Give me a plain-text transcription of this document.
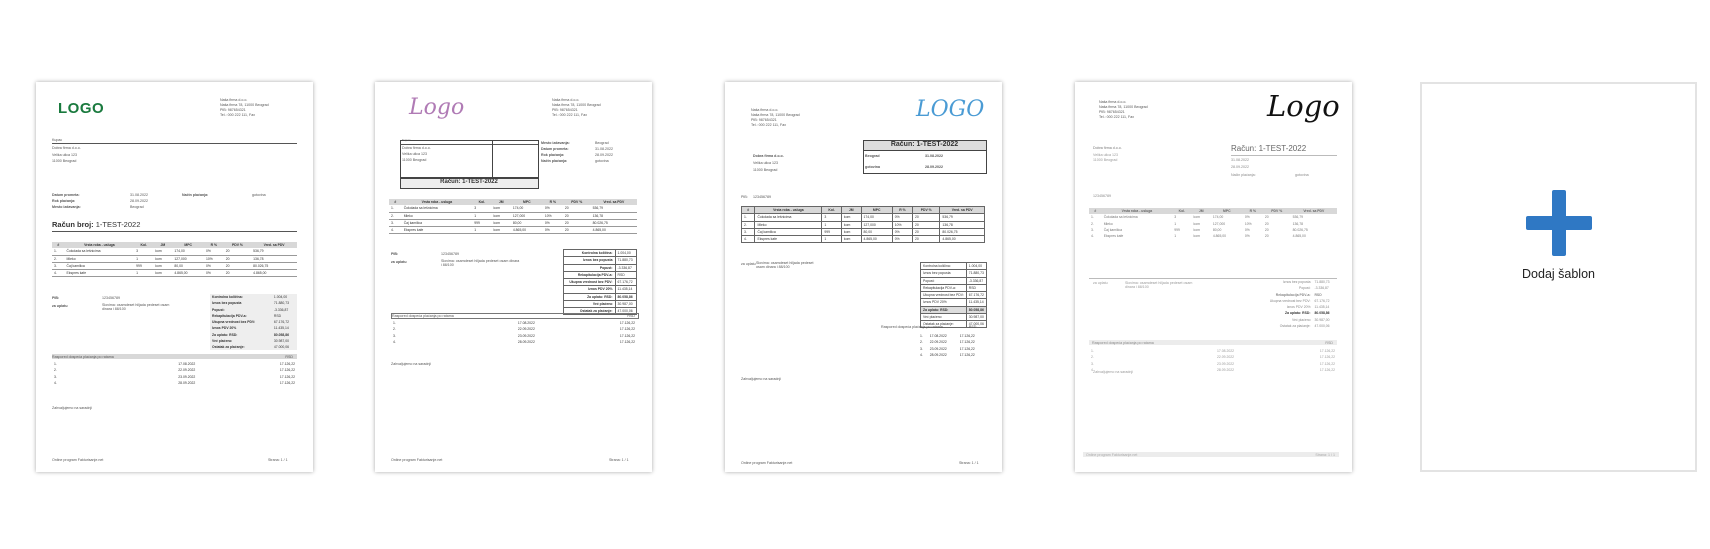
LOGO	Naša firma d.o.o.
Naša firma 78, 11000 Beograd
PIB: 987654321
Tel.: 000 222 111, Fax
Kupac
Dobra firma d.o.o.
Velika ulica 123
11000 Beograd
Datum prometa:	31.08.2022	Način plaćanja:	gotovina
Rok plaćanja:	28.09.2022
Mesto izdavanja:	Beograd
Račun broj: 1-TEST-2022
#	Vrsta roba - usluga	Kol.	JM	MPC	R %	PDV %	Vred. sa PDV
1.	Čokolada sa lešnicima	3	kom	174,00	0%	20	536,79
2.	Mleko	1	kom	127,000	10%	20	136,78
3.	Čaj kamilica	999	kom	80,00	0%	20	80.026,75
4.	Ekspres kafe	1	kom	4.865,00	0%	20	4.865,00
PIB:	123456789
za uplatu	Slovima: osamdeset hiljada pedeset osam dinara i 88/100
Kontrolna količina:	1.004,00
Iznos bez popusta	71.880,73
Popust:	-3.336,87
Rekapitulacija PDV-a:	RSD
Ukupna vrednost bez PDV:	67.176,72
Iznos PDV 20%	11.435,14
Za uplatu: RSD:	80.058,86
Već plaćeno	30.987,00
Ostatak za plaćanje:	47.000,06
Raspored dospeća plaćanja po ratama	RSD
1.	17.08.2022	17.126,22
2.	22.09.2022	17.126,22
3.	23.09.2022	17.126,22
4.	28.09.2022	17.126,22
Zahvaljujemo na saradnji
Online program Fakturisanje.net	Strana: 1 / 1
Logo	Naša firma d.o.o.
Naša firma 78, 11000 Beograd
PIB: 987654321
Tel.: 000 222 111, Fax
Kupac
Dobra firma d.o.o.
Velika ulica 123
11000 Beograd
Mesto izdavanja:	Beograd
Datum prometa:	31.08.2022
Rok plaćanja:	28.09.2022
Način plaćanja:	gotovina
Račun: 1-TEST-2022
#	Vrsta roba - usluga	Kol.	JM	MPC	R %	PDV %	Vred. sa PDV
1.	Čokolada sa lešnicima	3	kom	174,00	0%	20	536,79
2.	Mleko	1	kom	127,000	10%	20	136,78
3.	Čaj kamilica	999	kom	80,00	0%	20	80.026,75
4.	Ekspres kafe	1	kom	4.865,00	0%	20	4.865,00
PIB:	123456789
za uplatu	Slovima: osamdeset hiljada pedeset osam dinara i 88/100
Kontrolna količina:	1.004,00
Iznos bez popusta	71.880,73
Popust:	-3.336,87
Rekapitulacija PDV-a:	RSD
Ukupna vrednost bez PDV:	67.176,72
Iznos PDV 20%	11.435,14
Za uplatu: RSD:	80.058,86
Već plaćeno	30.987,00
Ostatak za plaćanje:	47.000,06
Raspored dospeća plaćanja po ratama	RSD
1.	17.08.2022	17.126,22
2.	22.09.2022	17.126,22
3.	23.09.2022	17.126,22
4.	28.09.2022	17.126,22
Zahvaljujemo na saradnji
Online program Fakturisanje.net	Strana: 1 / 1
LOGO
Naša firma d.o.o.
Naša firma 78, 11000 Beograd
PIB: 987654321
Tel.: 000 222 111, Fax
Račun: 1-TEST-2022
Beograd	31.08.2022
gotovina	28.09.2022
Dobra firma d.o.o.
Velika ulica 123
11000 Beograd
PIB: 123456789
#	Vrsta roba - usluga	Kol.	JM	MPC	R %	PDV %	Vred. sa PDV
1.	Čokolada sa lešnicima	3	kom	174,00	0%	20	536,79
2.	Mleko	1	kom	127,000	10%	20	136,78
3.	Čaj kamilica	999	kom	80,00	0%	20	80.026,75
4.	Ekspres kafe	1	kom	4.865,00	0%	20	4.865,00
za uplatu Slovima: osamdeset hiljada pedeset osam dinara i 88/100	Kontrolna količina:	1.004,00
Iznos bez popusta	71.880,73
Popust:	-3.336,87
Rekapitulacija PDV-a:	RSD
Ukupna vrednost bez PDV:	67.176,72
Iznos PDV 20%	11.435,14
Za uplatu: RSD:	80.058,86
Već plaćeno	30.987,00
Ostatak za plaćanje:	47.000,06
Raspored dospeća plaćanja po ratama	RSD
1.	17.08.2022	17.126,22
2.	22.09.2022	17.126,22
3.	23.09.2022	17.126,22
4.	28.09.2022	17.126,22
Zahvaljujemo na saradnji
Online program Fakturisanje.net	Strana: 1 / 1
Logo
Naša firma d.o.o.
Naša firma 78, 11000 Beograd
PIB: 987654321
Tel.: 000 222 111, Fax
Račun: 1-TEST-2022
31.08.2022
28.09.2022
Način plaćanja:	gotovina
Dobra firma d.o.o.
Velika ulica 123
11000 Beograd
123456789
#	Vrsta roba - usluga	Kol.	JM	MPC	R %	PDV %	Vred. sa PDV
1.	Čokolada sa lešnicima	3	kom	174,00	0%	20	536,79
2.	Mleko	1	kom	127,000	10%	20	136,78
3.	Čaj kamilica	999	kom	80,00	0%	20	80.026,75
4.	Ekspres kafe	1	kom	4.865,00	0%	20	4.865,00
za uplatu	Slovima: osamdeset hiljada pedeset osam dinara i 88/100
Iznos bez popusta	71.880,73
Popust:	-3.336,87
Rekapitulacija PDV-a:	RSD
Ukupna vrednost bez PDV:	67.176,72
Iznos PDV 20%	11.435,14
Za uplatu: RSD:	80.058,86
Već plaćeno	30.987,00
Ostatak za plaćanje:	47.000,06
Raspored dospeća plaćanja po ratama	RSD
1.	17.08.2022	17.126,22
2.	22.09.2022	17.126,22
3.	23.09.2022	17.126,22
4.	28.09.2022	17.126,22
Zahvaljujemo na saradnji
Online program Fakturisanje.net	Strana: 1 / 1
Dodaj šablon
